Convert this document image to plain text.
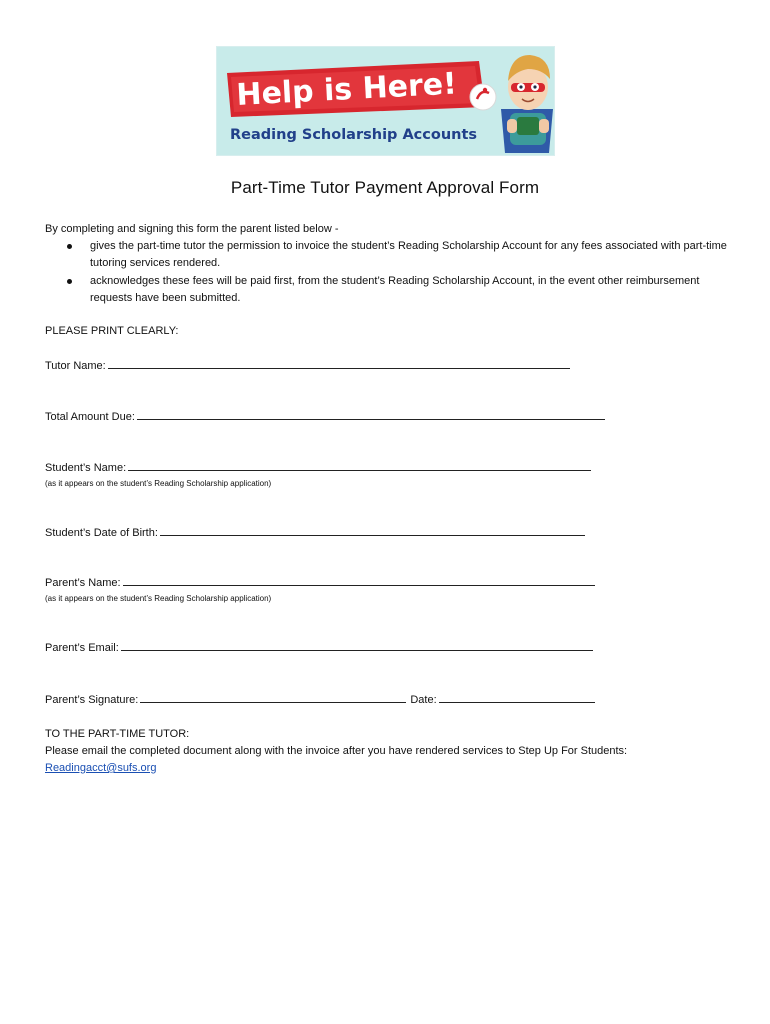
Help is Here!
Reading Scholarship Accounts
Part-Time Tutor Payment Approval Form
By completing and signing this form the parent listed below -
gives the part-time tutor the permission to invoice the student’s Reading Scholarship Account for any fees associated with part-time tutoring services rendered.
acknowledges these fees will be paid first, from the student’s Reading Scholarship Account, in the event other reimbursement requests have been submitted.
PLEASE PRINT CLEARLY:
Tutor Name:
Total Amount Due:
Student’s Name:
(as it appears on the student’s Reading Scholarship application)
Student’s Date of Birth:
Parent’s Name:
(as it appears on the student’s Reading Scholarship application)
Parent’s Email:
Parent’s Signature:	Date:
TO THE PART-TIME TUTOR:
Please email the completed document along with the invoice after you have rendered services to Step Up For Students:
Readingacct@sufs.org
